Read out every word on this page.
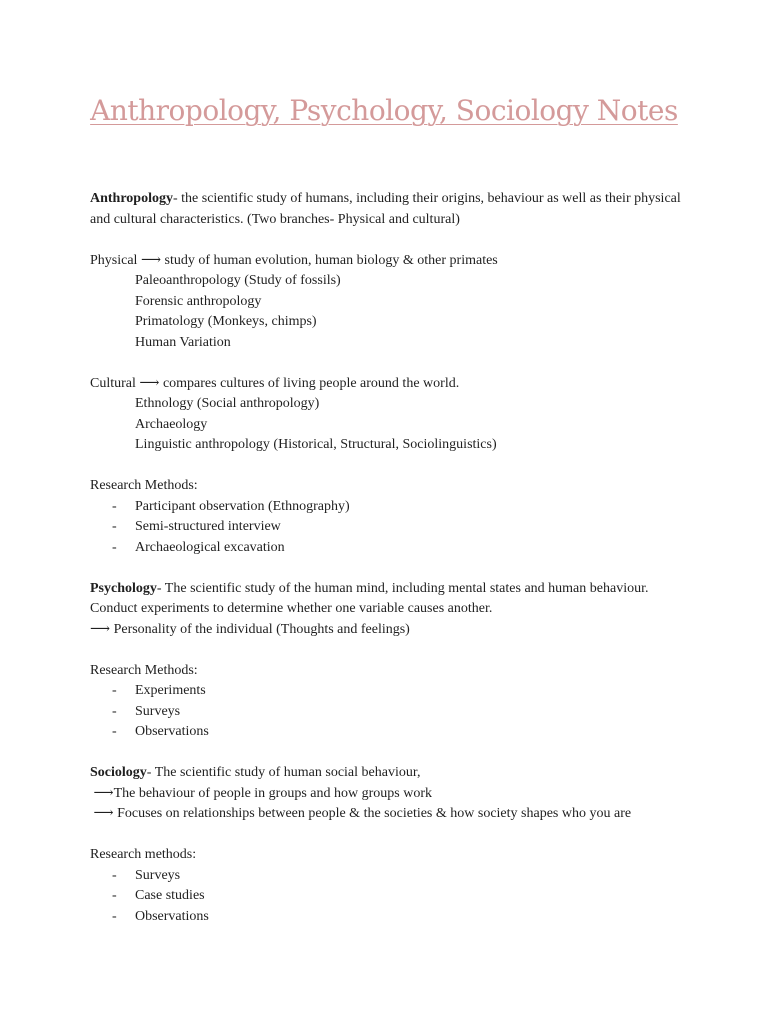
Anthropology, Psychology, Sociology Notes
Anthropology- the scientific study of humans, including their origins, behaviour as well as their physical and cultural characteristics. (Two branches- Physical and cultural)
Physical ⟶ study of human evolution, human biology & other primates
Paleoanthropology (Study of fossils)
Forensic anthropology
Primatology (Monkeys, chimps)
Human Variation
Cultural ⟶ compares cultures of living people around the world.
Ethnology (Social anthropology)
Archaeology
Linguistic anthropology (Historical, Structural, Sociolinguistics)
Research Methods:
-	Participant observation (Ethnography)
-	Semi-structured interview
-	Archaeological excavation
Psychology- The scientific study of the human mind, including mental states and human behaviour. Conduct experiments to determine whether one variable causes another.
⟶ Personality of the individual (Thoughts and feelings)
Research Methods:
-	Experiments
-	Surveys
-	Observations
Sociology- The scientific study of human social behaviour,
⟶The behaviour of people in groups and how groups work
⟶ Focuses on relationships between people & the societies & how society shapes who you are
Research methods:
-	Surveys
-	Case studies
-	Observations
